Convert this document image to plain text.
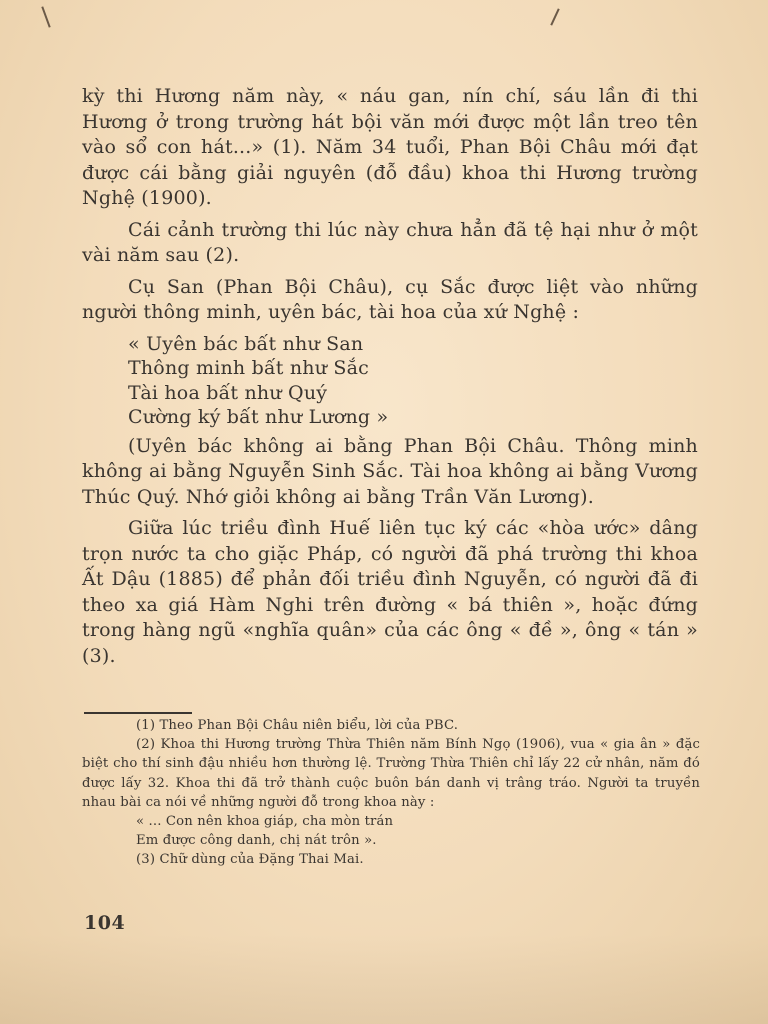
kỳ thi Hương năm này, « náu gan, nín chí, sáu lần đi thi Hương ở trong trường hát bội văn mới được một lần treo tên vào sổ con hát...» (1). Năm 34 tuổi, Phan Bội Châu mới đạt được cái bằng giải nguyên (đỗ đầu) khoa thi Hương trường Nghệ (1900).

Cái cảnh trường thi lúc này chưa hẳn đã tệ hại như ở một vài năm sau (2).

Cụ San (Phan Bội Châu), cụ Sắc được liệt vào những người thông minh, uyên bác, tài hoa của xứ Nghệ :

« Uyên bác bất như San
Thông minh bất như Sắc
Tài hoa bất như Quý
Cường ký bất như Lương »

(Uyên bác không ai bằng Phan Bội Châu. Thông minh không ai bằng Nguyễn Sinh Sắc. Tài hoa không ai bằng Vương Thúc Quý. Nhớ giỏi không ai bằng Trần Văn Lương).

Giữa lúc triều đình Huế liên tục ký các «hòa ước» dâng trọn nước ta cho giặc Pháp, có người đã phá trường thi khoa Ất Dậu (1885) để phản đối triều đình Nguyễn, có người đã đi theo xa giá Hàm Nghi trên đường « bá thiên », hoặc đứng trong hàng ngũ «nghĩa quân» của các ông « đề », ông « tán » (3).

(1) Theo Phan Bội Châu niên biểu, lời của PBC.

(2) Khoa thi Hương trường Thừa Thiên năm Bính Ngọ (1906), vua « gia ân » đặc biệt cho thí sinh đậu nhiều hơn thường lệ. Trường Thừa Thiên chỉ lấy 22 cử nhân, năm đó được lấy 32. Khoa thi đã trở thành cuộc buôn bán danh vị trâng tráo. Người ta truyền nhau bài ca nói về những người đỗ trong khoa này :

« ... Con nên khoa giáp, cha mòn trán

Em được công danh, chị nát trôn ».

(3) Chữ dùng của Đặng Thai Mai.

104
